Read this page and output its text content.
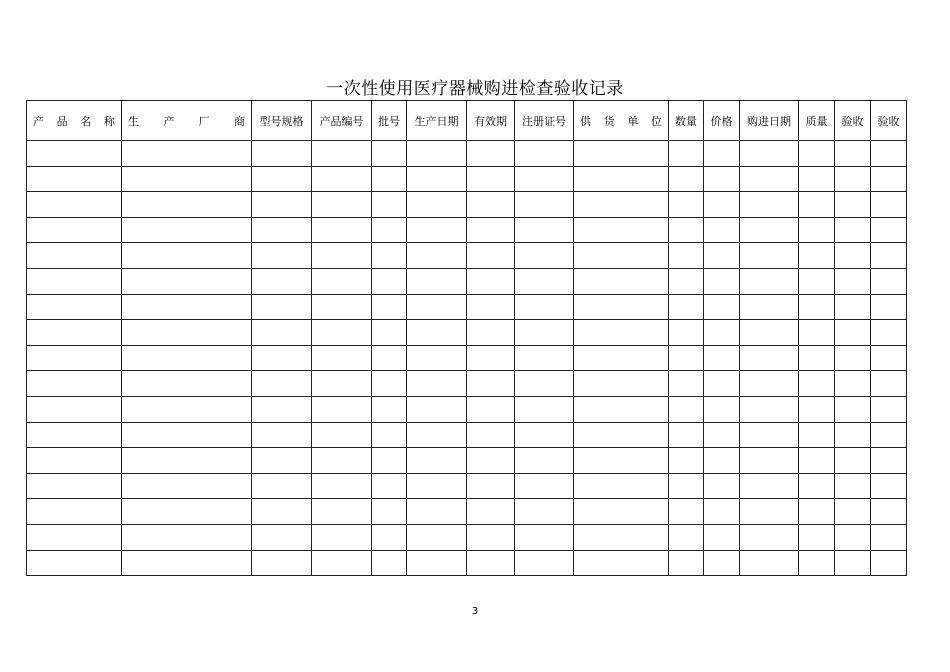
一次性使用医疗器械购进检查验收记录
产 品 名 称	生 产 厂 商	型号规格	产品编号	批号	生产日期	有效期	注册证号	供 货 单 位	数量	价格	购进日期	质量	验收	验收

3
